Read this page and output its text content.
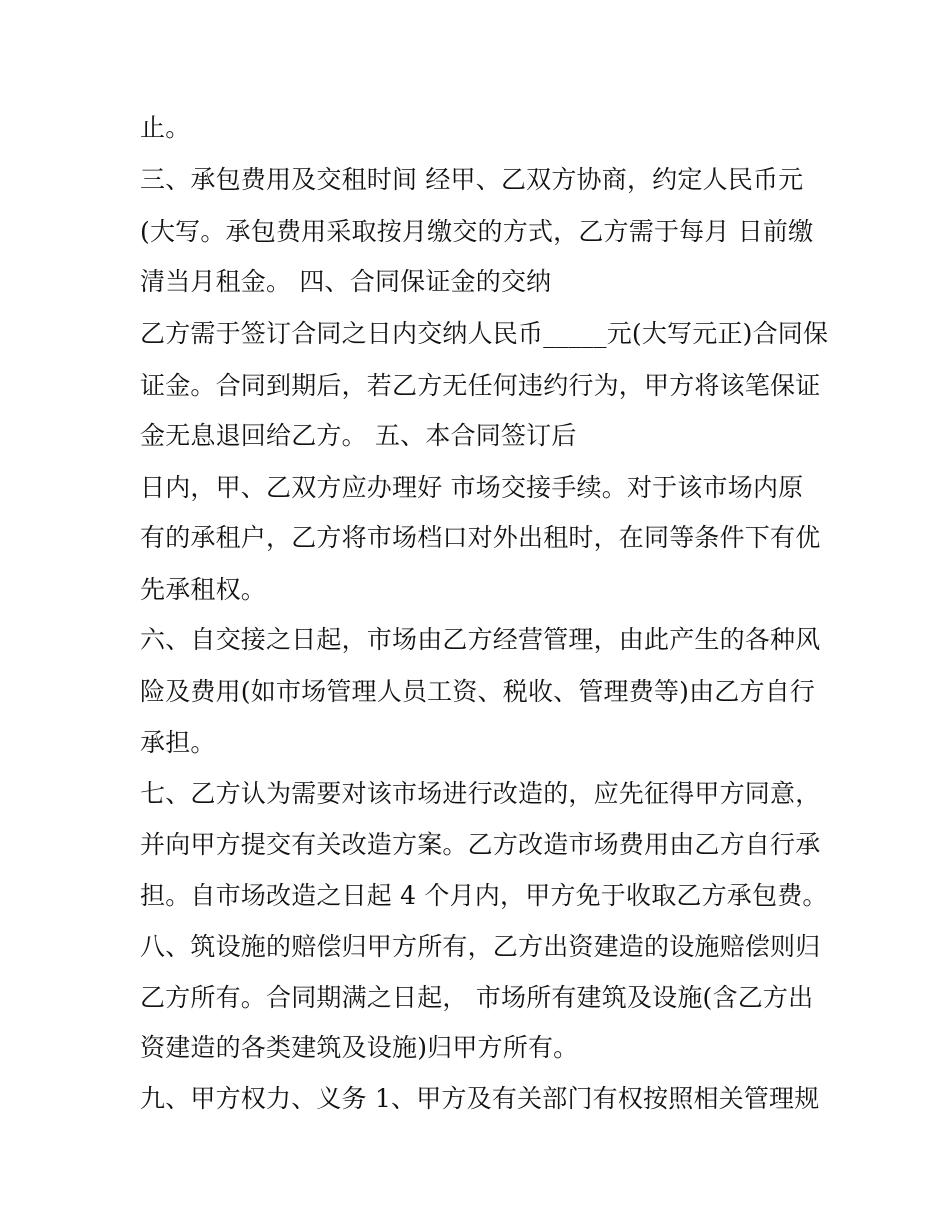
止。
三、承包费用及交租时间 经甲、乙双方协商，约定人民币元
(大写。承包费用采取按月缴交的方式，乙方需于每月 日前缴
清当月租金。 四、合同保证金的交纳
乙方需于签订合同之日内交纳人民币_____元(大写元正)合同保
证金。合同到期后，若乙方无任何违约行为，甲方将该笔保证
金无息退回给乙方。 五、本合同签订后
日内，甲、乙双方应办理好 市场交接手续。对于该市场内原
有的承租户，乙方将市场档口对外出租时，在同等条件下有优
先承租权。
六、自交接之日起，市场由乙方经营管理，由此产生的各种风
险及费用(如市场管理人员工资、税收、管理费等)由乙方自行
承担。
七、乙方认为需要对该市场进行改造的，应先征得甲方同意，
并向甲方提交有关改造方案。乙方改造市场费用由乙方自行承
担。自市场改造之日起 4 个月内，甲方免于收取乙方承包费。
八、筑设施的赔偿归甲方所有，乙方出资建造的设施赔偿则归
乙方所有。合同期满之日起， 市场所有建筑及设施(含乙方出
资建造的各类建筑及设施)归甲方所有。
九、甲方权力、义务 1、甲方及有关部门有权按照相关管理规
